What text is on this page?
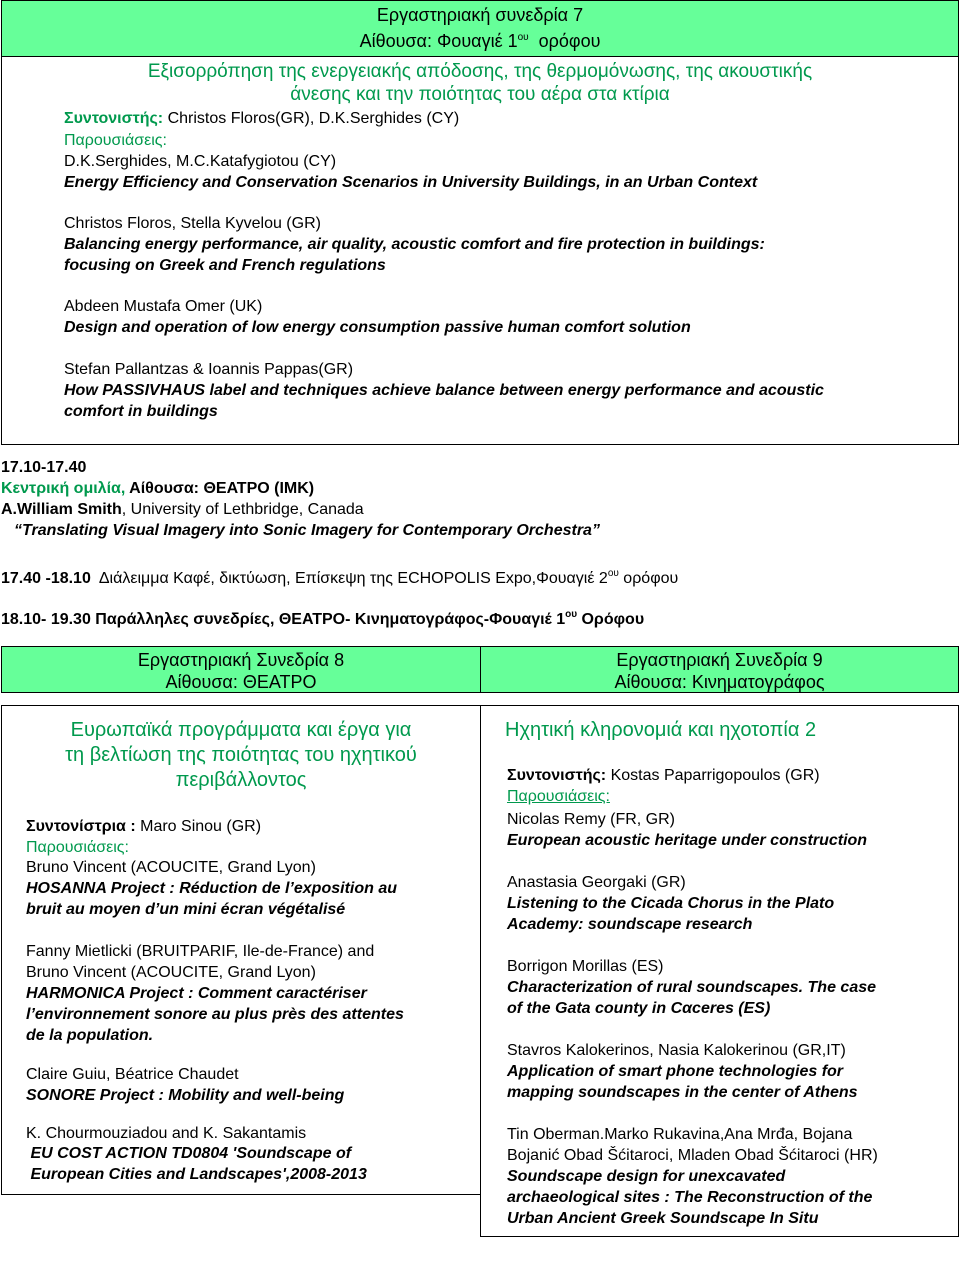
Εργαστηριακή συνεδρία 7
Αίθουσα: Φουαγιέ $1^{o\upsilon}$  ορόφου
Εξισορρόπηση της ενεργειακής απόδοσης, της θερμομόνωσης, της ακουστικής
άνεσης και την ποιότητας του αέρα στα κτίρια
Συντονιστής: Christos Floros(GR), D.K.Serghides (CY)
Παρουσιάσεις:
D.K.Serghides, M.C.Katafygiotou (CY)
Energy Efficiency and Conservation Scenarios in University Buildings, in an Urban Context
Christos Floros, Stella Kyvelou (GR)
Balancing energy performance, air quality, acoustic comfort and fire protection in buildings:
focusing on Greek and French regulations
Abdeen Mustafa Omer (UK)
Design and operation of low energy consumption passive human comfort solution
Stefan Pallantzas & Ioannis Pappas(GR)
How PASSIVHAUS label and techniques achieve balance between energy performance and acoustic
comfort in buildings
17.10-17.40
Κεντρική ομιλία, Αίθουσα: ΘΕΑΤΡΟ (ΙΜΚ)
A.William Smith, University of Lethbridge, Canada
“Translating Visual Imagery into Sonic Imagery for Contemporary Orchestra”
17.40 -18.10  Διάλειμμα Καφέ, δικτύωση, Επίσκεψη της ECHOPOLIS Expo,Φουαγιέ $2^{o\upsilon}$ ορόφου
18.10- 19.30 Παράλληλες συνεδρίες, ΘΕΑΤΡΟ- Κινηματογράφος-Φουαγιέ $1^{o\upsilon}$ Ορόφου
Εργαστηριακή Συνεδρία 8
Αίθουσα: ΘΕΑΤΡΟ
Ευρωπαϊκά προγράμματα και έργα για
τη βελτίωση της ποιότητας του ηχητικού
περιβάλλοντος
Συντονίστρια : Maro Sinou (GR)
Παρουσιάσεις:
Bruno Vincent (ACOUCITE, Grand Lyon)
HOSANNA Project : Réduction de l’exposition au
bruit au moyen d’un mini écran végétalisé
Fanny Mietlicki (BRUITPARIF, Ile-de-France) and
Bruno Vincent (ACOUCITE, Grand Lyon)
HARMONICA Project : Comment caractériser
l’environnement sonore au plus près des attentes
de la population.
Claire Guiu, Béatrice Chaudet
SONORE Project : Mobility and well-being
K. Chourmouziadou and K. Sakantamis
EU COST ACTION TD0804 'Soundscape of
European Cities and Landscapes',2008-2013
Εργαστηριακή Συνεδρία 9
Αίθουσα: Κινηματογράφος
Ηχητική κληρονομιά και ηχοτοπία 2
Συντονιστής: Kostas Paparrigopoulos (GR)
Παρουσιάσεις:
Nicolas Remy (FR, GR)
European acoustic heritage under construction
Anastasia Georgaki (GR)
Listening to the Cicada Chorus in the Plato
Academy: soundscape research
Borrigon Morillas (ES)
Characterization of rural soundscapes. The case
of the Gata county in Cαceres (ES)
Stavros Kalokerinos, Nasia Kalokerinou (GR,IT)
Application of smart phone technologies for
mapping soundscapes in the center of Athens
Tin Oberman.Marko Rukavina,Ana Mrđa, Bojana
Bojanić Obad Šćitaroci, Mladen Obad Šćitaroci (HR)
Soundscape design for unexcavated
archaeological sites : The Reconstruction of the
Urban Ancient Greek Soundscape In Situ
